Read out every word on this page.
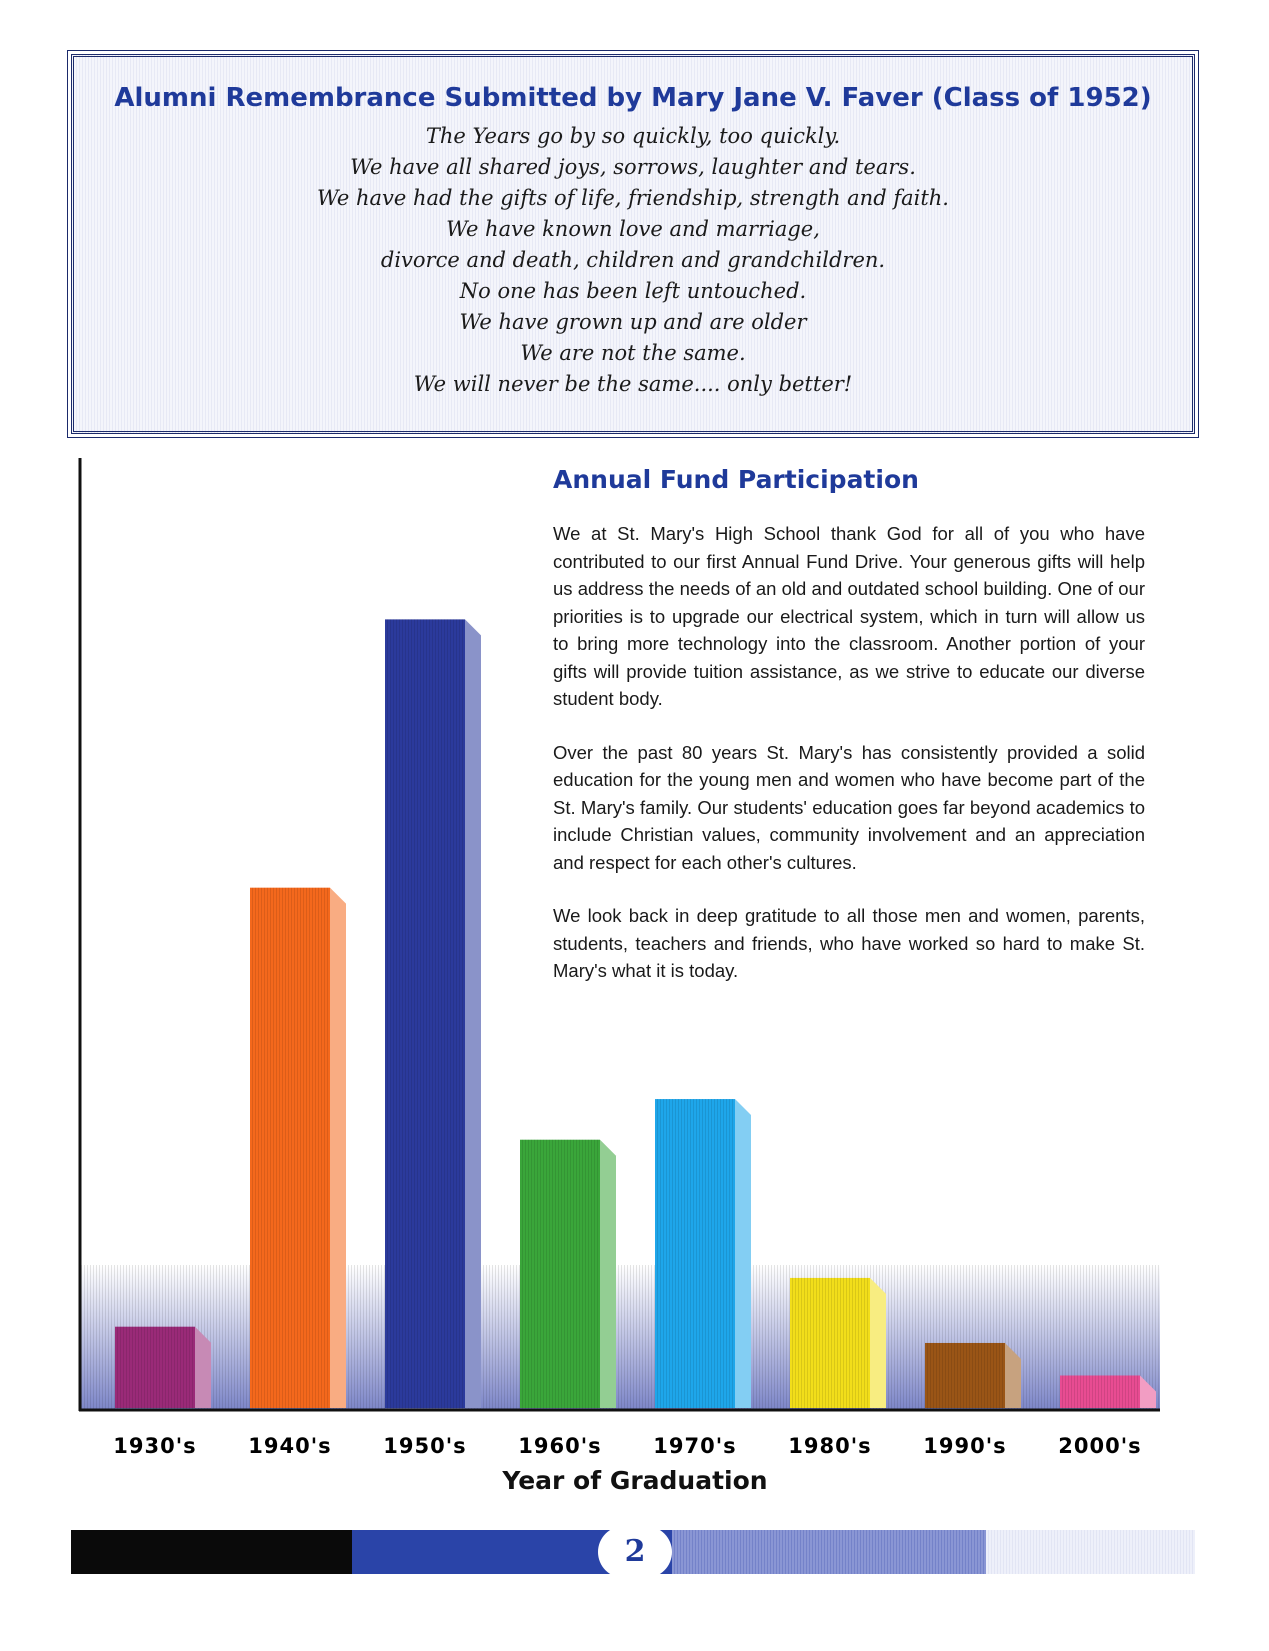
Alumni Remembrance Submitted by Mary Jane V. Faver (Class of 1952)
The Years go by so quickly, too quickly.
We have all shared joys, sorrows, laughter and tears.
We have had the gifts of life, friendship, strength and faith.
We have known love and marriage,
divorce and death, children and grandchildren.
No one has been left untouched.
We have grown up and are older
We are not the same.
We will never be the same.... only better!
1930's	1940's	1950's	1960's	1970's	1980's	1990's	2000's
Year of Graduation
Annual Fund Participation

We at St. Mary's High School thank God for all of you who have contributed to our first Annual Fund Drive. Your generous gifts will help us address the needs of an old and outdated school building. One of our priorities is to upgrade our electrical system, which in turn will allow us to bring more technology into the classroom. Another portion of your gifts will provide tuition assistance, as we strive to educate our diverse student body.

Over the past 80 years St. Mary's has consistently provided a solid education for the young men and women who have become part of the St. Mary's family. Our students' education goes far beyond academics to include Christian values, community involvement and an appreciation and respect for each other's cultures.

We look back in deep gratitude to all those men and women, parents, students, teachers and friends, who have worked so hard to make St. Mary's what it is today.

2
